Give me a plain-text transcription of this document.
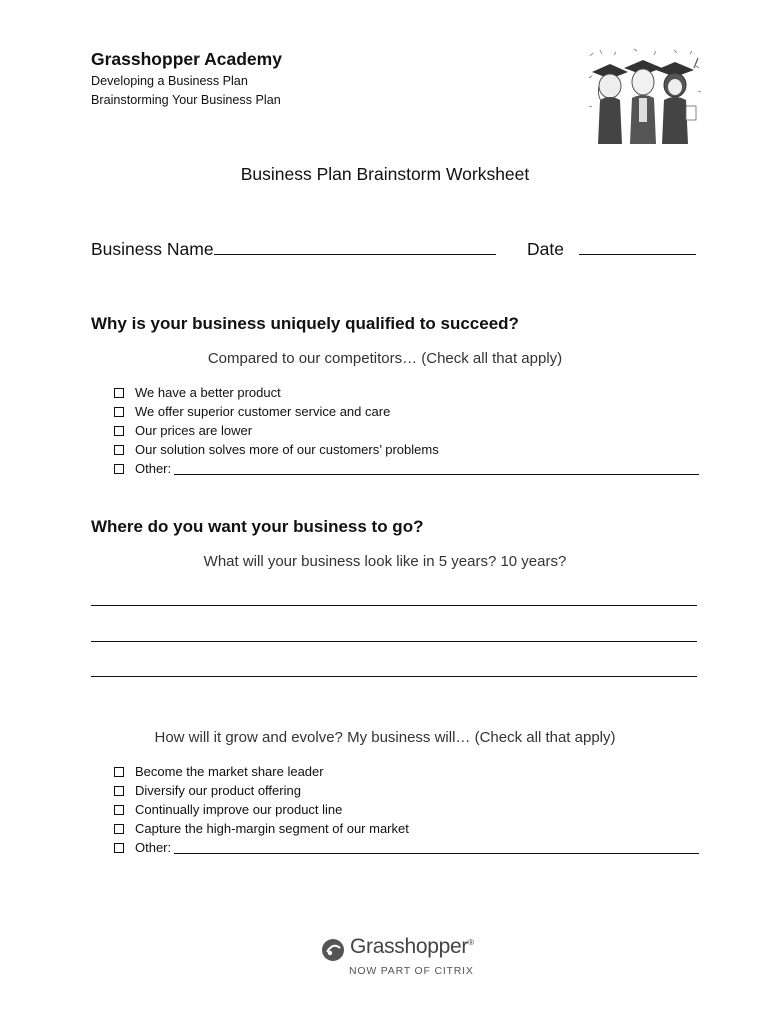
Grasshopper Academy
Developing a Business Plan
Brainstorming Your Business Plan
Business Plan Brainstorm Worksheet
Business Name	Date
Why is your business uniquely qualified to succeed?
Compared to our competitors… (Check all that apply)
We have a better product
We offer superior customer service and care
Our prices are lower
Our solution solves more of our customers’ problems
Other:
Where do you want your business to go?
What will your business look like in 5 years? 10 years?
How will it grow and evolve? My business will… (Check all that apply)
Become the market share leader
Diversify our product offering
Continually improve our product line
Capture the high-margin segment of our market
Other:
Grasshopper®
NOW PART OF CITRIX
